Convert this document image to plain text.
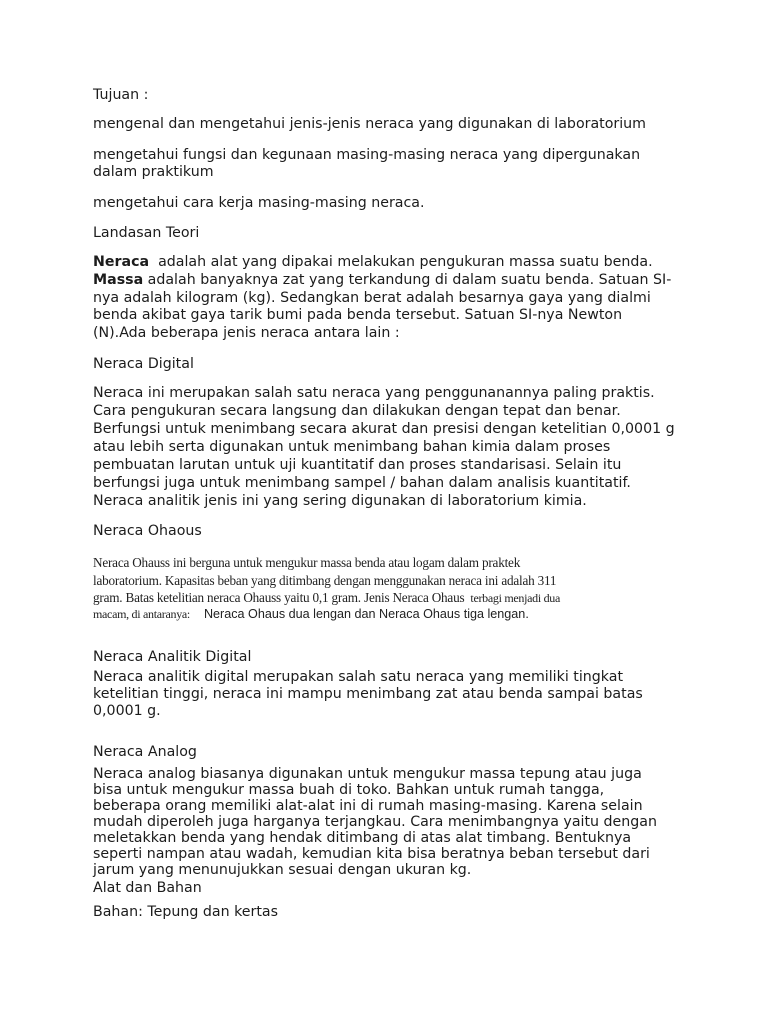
Tujuan :
mengenal dan mengetahui jenis-jenis neraca yang digunakan di laboratorium
mengetahui fungsi dan kegunaan masing-masing neraca yang dipergunakan
dalam praktikum
mengetahui cara kerja masing-masing neraca.
Landasan Teori
Neraca  adalah alat yang dipakai melakukan pengukuran massa suatu benda.
Massa adalah banyaknya zat yang terkandung di dalam suatu benda. Satuan SI-
nya adalah kilogram (kg). Sedangkan berat adalah besarnya gaya yang dialmi
benda akibat gaya tarik bumi pada benda tersebut. Satuan SI-nya Newton
(N).Ada beberapa jenis neraca antara lain :
Neraca Digital
Neraca ini merupakan salah satu neraca yang penggunanannya paling praktis.
Cara pengukuran secara langsung dan dilakukan dengan tepat dan benar.
Berfungsi untuk menimbang secara akurat dan presisi dengan ketelitian 0,0001 g
atau lebih serta digunakan untuk menimbang bahan kimia dalam proses
pembuatan larutan untuk uji kuantitatif dan proses standarisasi. Selain itu
berfungsi juga untuk menimbang sampel / bahan dalam analisis kuantitatif.
Neraca analitik jenis ini yang sering digunakan di laboratorium kimia.
Neraca Ohaous
Neraca Ohauss ini berguna untuk mengukur massa benda atau logam dalam praktek
laboratorium. Kapasitas beban yang ditimbang dengan menggunakan neraca ini adalah 311
gram. Batas ketelitian neraca Ohauss yaitu 0,1 gram. Jenis Neraca Ohaus terbagi menjadi dua
macam, di antaranya: Neraca Ohaus dua lengan dan Neraca Ohaus tiga lengan.
Neraca Analitik Digital
Neraca analitik digital merupakan salah satu neraca yang memiliki tingkat
ketelitian tinggi, neraca ini mampu menimbang zat atau benda sampai batas
0,0001 g.
Neraca Analog
Neraca analog biasanya digunakan untuk mengukur massa tepung atau juga
bisa untuk mengukur massa buah di toko. Bahkan untuk rumah tangga,
beberapa orang memiliki alat-alat ini di rumah masing-masing. Karena selain
mudah diperoleh juga harganya terjangkau. Cara menimbangnya yaitu dengan
meletakkan benda yang hendak ditimbang di atas alat timbang. Bentuknya
seperti nampan atau wadah, kemudian kita bisa beratnya beban tersebut dari
jarum yang menunujukkan sesuai dengan ukuran kg.
Alat dan Bahan
Bahan: Tepung dan kertas
